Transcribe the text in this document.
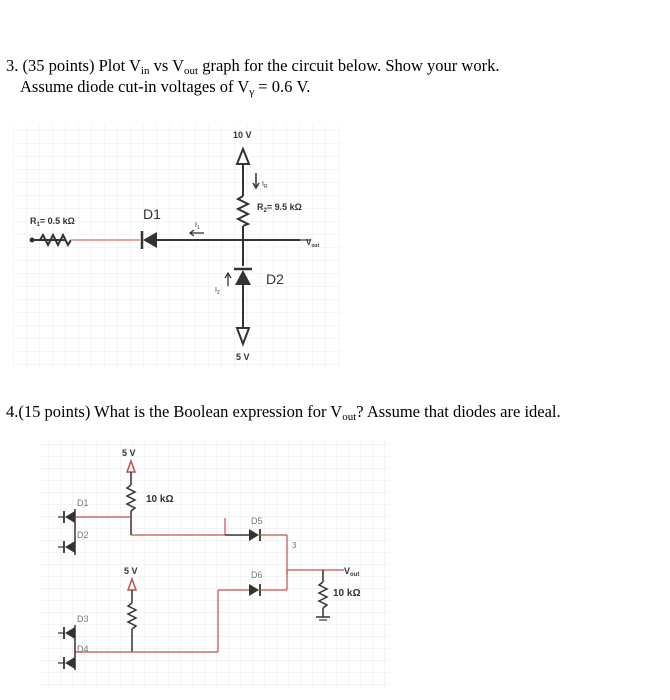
3. (35 points) Plot $V_{in}$ vs $V_{out}$ graph for the circuit below. Show your work.
Assume diode cut-in voltages of $V_\gamma = 0.6$ V.
4.(15 points) What is the Boolean expression for $V_{out}$? Assume that diodes are ideal.
10 V
$R_2= 9.5$ kΩ
$I_R$
$R_1= 0.5$ kΩ	D1
$I_1$
$V_{out}$
D2
$I_2$
5 V
5 V
10 kΩ
D1
D2
D5
3
5 V
D3
D4
D6
10 kΩ
$V_{out}$
